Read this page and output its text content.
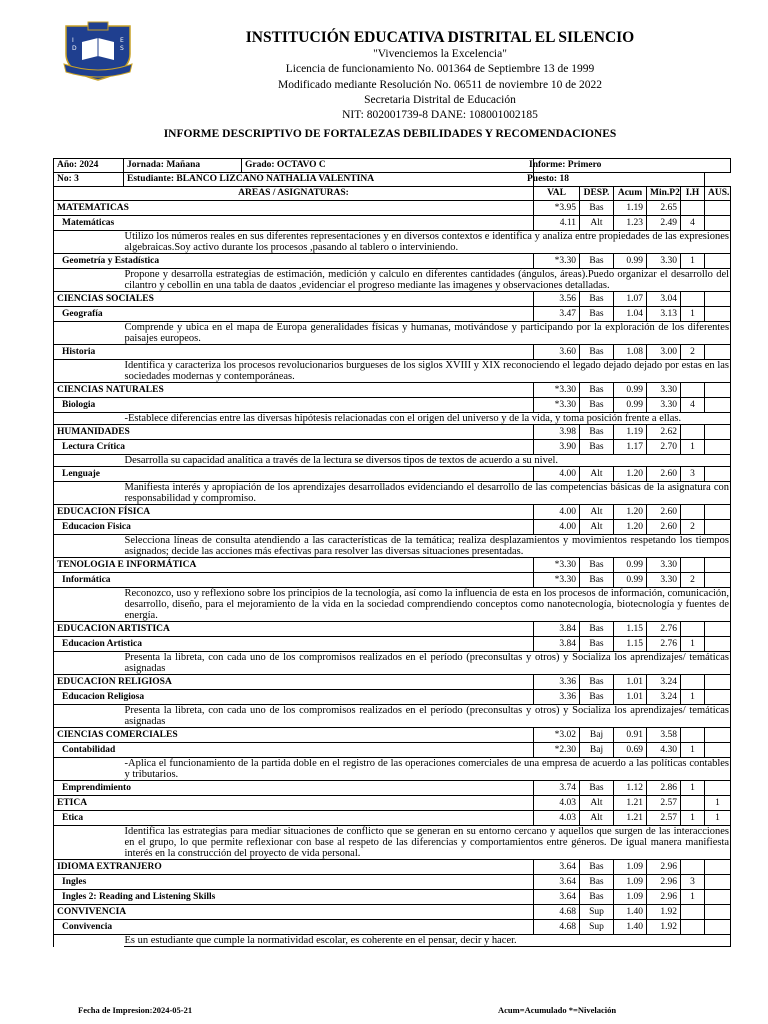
I
D
E
S
INSTITUCIÓN EDUCATIVA DISTRITAL EL SILENCIO
"Vivenciemos la Excelencia"
Licencia de funcionamiento No. 001364 de Septiembre 13 de 1999
Modificado mediante Resolución No. 06511 de noviembre 10 de 2022
Secretaria Distrital de Educación
NIT: 802001739-8 DANE: 108001002185
INFORME DESCRIPTIVO DE FORTALEZAS DEBILIDADES Y RECOMENDACIONES
Año: 2024	Jornada: Mañana	Grado: OCTAVO C	Informe: Primero					
No: 3	Estudiante: BLANCO LIZCANO NATHALIA VALENTINA		Puesto: 18					
AREAS / ASIGNATURAS:			VAL	DESP.	Acum	Min.P2	I.H	AUS.
MATEMATICAS			*3.95	Bas	1.19	2.65		
Matemáticas			4.11	Alt	1.23	2.49	4	
	Utilizo los números reales en sus diferentes representaciones y en diversos contextos e identifica y analiza entre propiedades de las expresiones algebraicas.Soy activo durante los procesos ,pasando al tablero o interviniendo.							
Geometría y Estadística			*3.30	Bas	0.99	3.30	1	
	Propone y desarrolla estrategias de estimación, medición y calculo en diferentes cantidades (ángulos, áreas).Puedo organizar el desarrollo del cilantro y cebollin en una tabla de daatos ,evidenciar el progreso mediante las imagenes y observaciones detalladas.							
CIENCIAS SOCIALES			3.56	Bas	1.07	3.04		
Geografía			3.47	Bas	1.04	3.13	1	
	Comprende y ubica en el mapa de Europa generalidades físicas y humanas, motivándose y participando por la exploración de los diferentes paisajes europeos.							
Historia			3.60	Bas	1.08	3.00	2	
	Identifica y caracteriza los procesos revolucionarios burgueses de los siglos XVIII y XIX reconociendo el legado dejado dejado por estas en las sociedades modernas y contemporáneas.							
CIENCIAS NATURALES			*3.30	Bas	0.99	3.30		
Biologia			*3.30	Bas	0.99	3.30	4	
	-Establece diferencias entre las diversas hipótesis relacionadas con el origen del universo y de la vida, y toma posición frente a ellas.							
HUMANIDADES			3.98	Bas	1.19	2.62		
Lectura Crítica			3.90	Bas	1.17	2.70	1	
	Desarrolla su capacidad analítica a través de la lectura se diversos tipos de textos de acuerdo a su nivel.							
Lenguaje			4.00	Alt	1.20	2.60	3	
	Manifiesta interés y apropiación de los aprendizajes desarrollados evidenciando el desarrollo de las competencias básicas de la asignatura con responsabilidad y compromiso.							
EDUCACION FÍSICA			4.00	Alt	1.20	2.60		
Educacion Fisica			4.00	Alt	1.20	2.60	2	
	Selecciona líneas de consulta atendiendo a las características de la temática; realiza desplazamientos y movimientos respetando los tiempos asignados; decide las acciones más efectivas para resolver las diversas situaciones presentadas.							
TENOLOGIA E INFORMÁTICA			*3.30	Bas	0.99	3.30		
Informática			*3.30	Bas	0.99	3.30	2	
	Reconozco, uso y reflexiono sobre los principios de la tecnología, así como la influencia de esta en los procesos de información, comunicación, desarrollo, diseño, para el mejoramiento de la vida en la sociedad comprendiendo conceptos como nanotecnología, biotecnología y fuentes de energía.							
EDUCACION ARTISTICA			3.84	Bas	1.15	2.76		
Educacion Artistica			3.84	Bas	1.15	2.76	1	
	Presenta la libreta, con cada uno de los compromisos realizados en el período (preconsultas y otros) y Socializa los aprendizajes/ temáticas asignadas							
EDUCACION RELIGIOSA			3.36	Bas	1.01	3.24		
Educacion Religiosa			3.36	Bas	1.01	3.24	1	
	Presenta la libreta, con cada uno de los compromisos realizados en el período (preconsultas y otros) y Socializa los aprendizajes/ temáticas asignadas							
CIENCIAS COMERCIALES			*3.02	Baj	0.91	3.58		
Contabilidad			*2.30	Baj	0.69	4.30	1	
	-Aplica el funcionamiento de la partida doble en el registro de las operaciones comerciales de una empresa de acuerdo a las políticas contables y tributarios.							
Emprendimiento			3.74	Bas	1.12	2.86	1	
ETICA			4.03	Alt	1.21	2.57		1
Etica			4.03	Alt	1.21	2.57	1	1
	Identifica las estrategias para mediar situaciones de conflicto que se generan en su entorno cercano y aquellos que surgen de las interacciones en el grupo, lo que permite reflexionar con base al respeto de las diferencias y comportamientos entre géneros. De igual manera manifiesta interés en la construcción del proyecto de vida personal.							
IDIOMA EXTRANJERO			3.64	Bas	1.09	2.96		
Ingles			3.64	Bas	1.09	2.96	3	
Ingles 2: Reading and Listening Skills			3.64	Bas	1.09	2.96	1	
CONVIVENCIA			4.68	Sup	1.40	1.92		
Convivencia			4.68	Sup	1.40	1.92		
	Es un estudiante que cumple la normatividad escolar, es coherente en el pensar, decir y hacer.							
Fecha de Impresion:2024-05-21	Acum=Acumulado *=Nivelación
